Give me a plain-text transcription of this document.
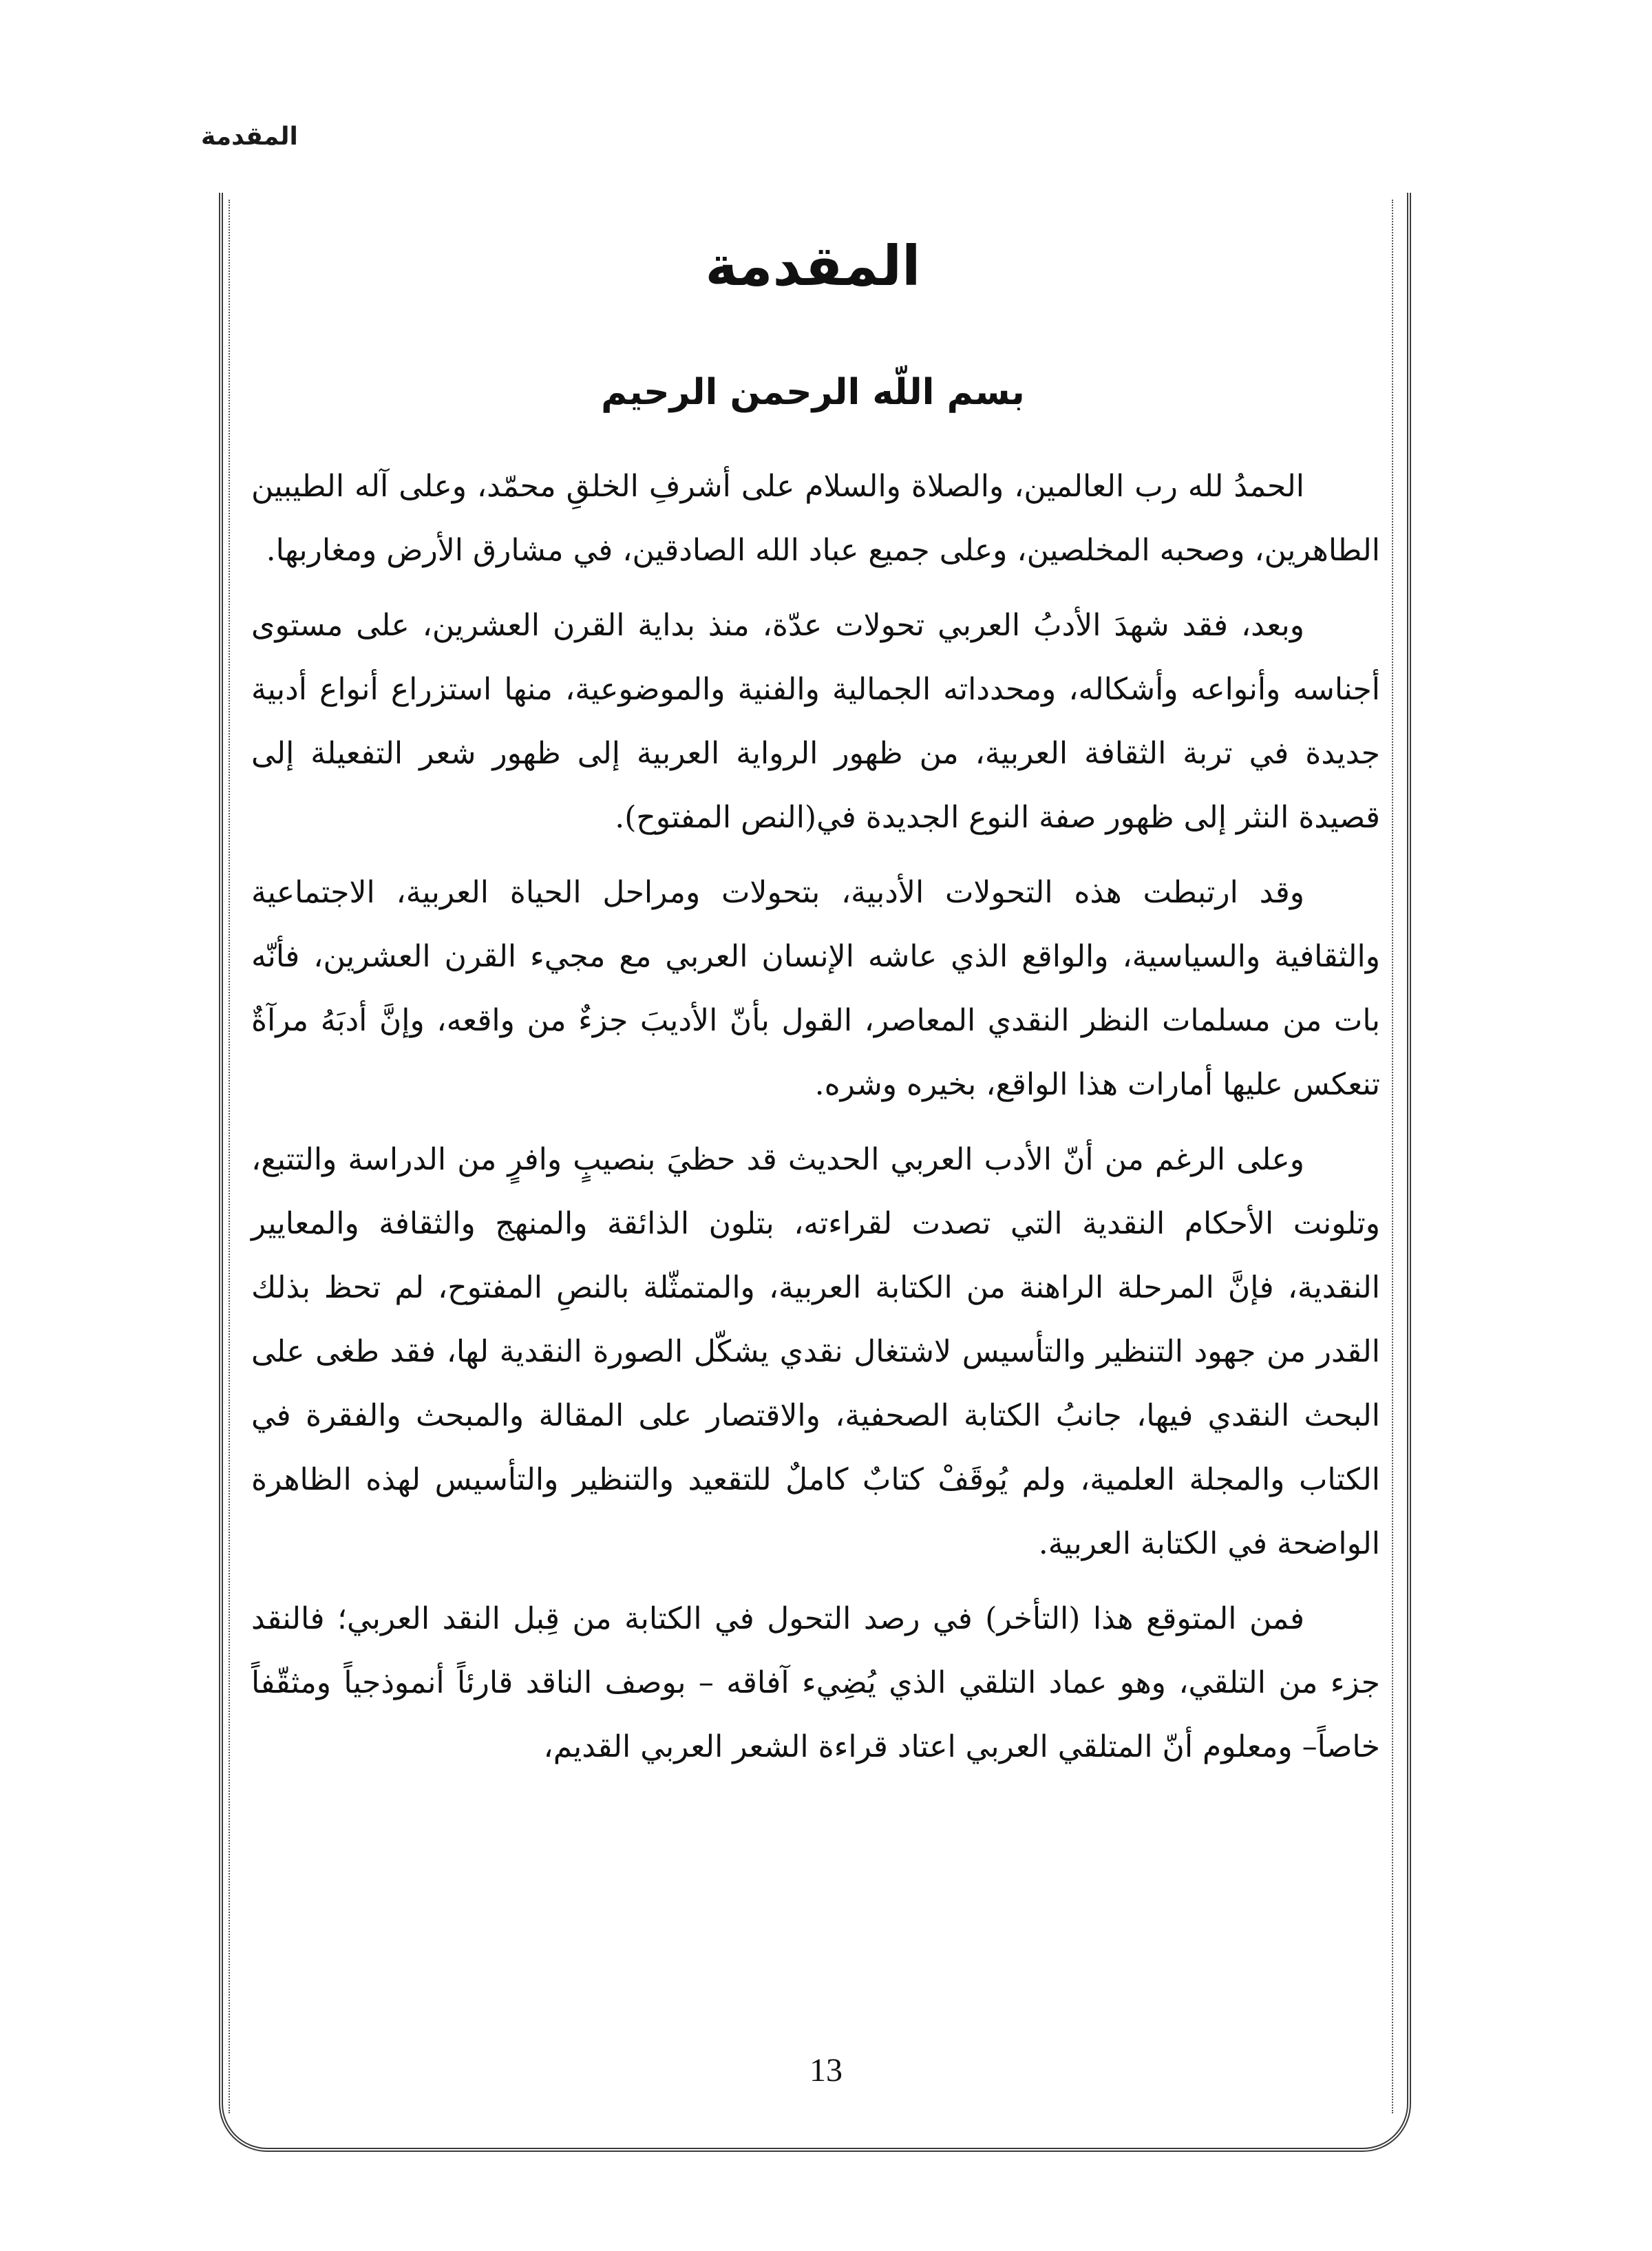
المقدمة
المقدمة
بسم اللّه الرحمن الرحيم

الحمدُ لله رب العالمين، والصلاة والسلام على أشرفِ الخلقِ محمّد، وعلى آله الطيبين الطاهرين، وصحبه المخلصين، وعلى جميع عباد الله الصادقين، في مشارق الأرض ومغاربها.

وبعد، فقد شهدَ الأدبُ العربي تحولات عدّة، منذ بداية القرن العشرين، على مستوى أجناسه وأنواعه وأشكاله، ومحدداته الجمالية والفنية والموضوعية، منها استزراع أنواع أدبية جديدة في تربة الثقافة العربية، من ظهور الرواية العربية إلى ظهور شعر التفعيلة إلى قصيدة النثر إلى ظهور صفة النوع الجديدة في(النص المفتوح).

وقد ارتبطت هذه التحولات الأدبية، بتحولات ومراحل الحياة العربية، الاجتماعية والثقافية والسياسية، والواقع الذي عاشه الإنسان العربي مع مجيء القرن العشرين، فأنّه بات من مسلمات النظر النقدي المعاصر، القول بأنّ الأديبَ جزءٌ من واقعه، وإنَّ أدبَهُ مرآةٌ تنعكس عليها أمارات هذا الواقع، بخيره وشره.

وعلى الرغم من أنّ الأدب العربي الحديث قد حظيَ بنصيبٍ وافرٍ من الدراسة والتتبع، وتلونت الأحكام النقدية التي تصدت لقراءته، بتلون الذائقة والمنهج والثقافة والمعايير النقدية، فإنَّ المرحلة الراهنة من الكتابة العربية، والمتمثّلة بالنصِ المفتوح، لم تحظ بذلك القدر من جهود التنظير والتأسيس لاشتغال نقدي يشكّل الصورة النقدية لها، فقد طغى على البحث النقدي فيها، جانبُ الكتابة الصحفية، والاقتصار على المقالة والمبحث والفقرة في الكتاب والمجلة العلمية، ولم يُوقَفْ كتابٌ كاملٌ للتقعيد والتنظير والتأسيس لهذه الظاهرة الواضحة في الكتابة العربية.

فمن المتوقع هذا (التأخر) في رصد التحول في الكتابة من قِبل النقد العربي؛ فالنقد جزء من التلقي، وهو عماد التلقي الذي يُضِيء آفاقه – بوصف الناقد قارئاً أنموذجياً ومثقّفاً خاصاً– ومعلوم أنّ المتلقي العربي اعتاد قراءة الشعر العربي القديم،

13
